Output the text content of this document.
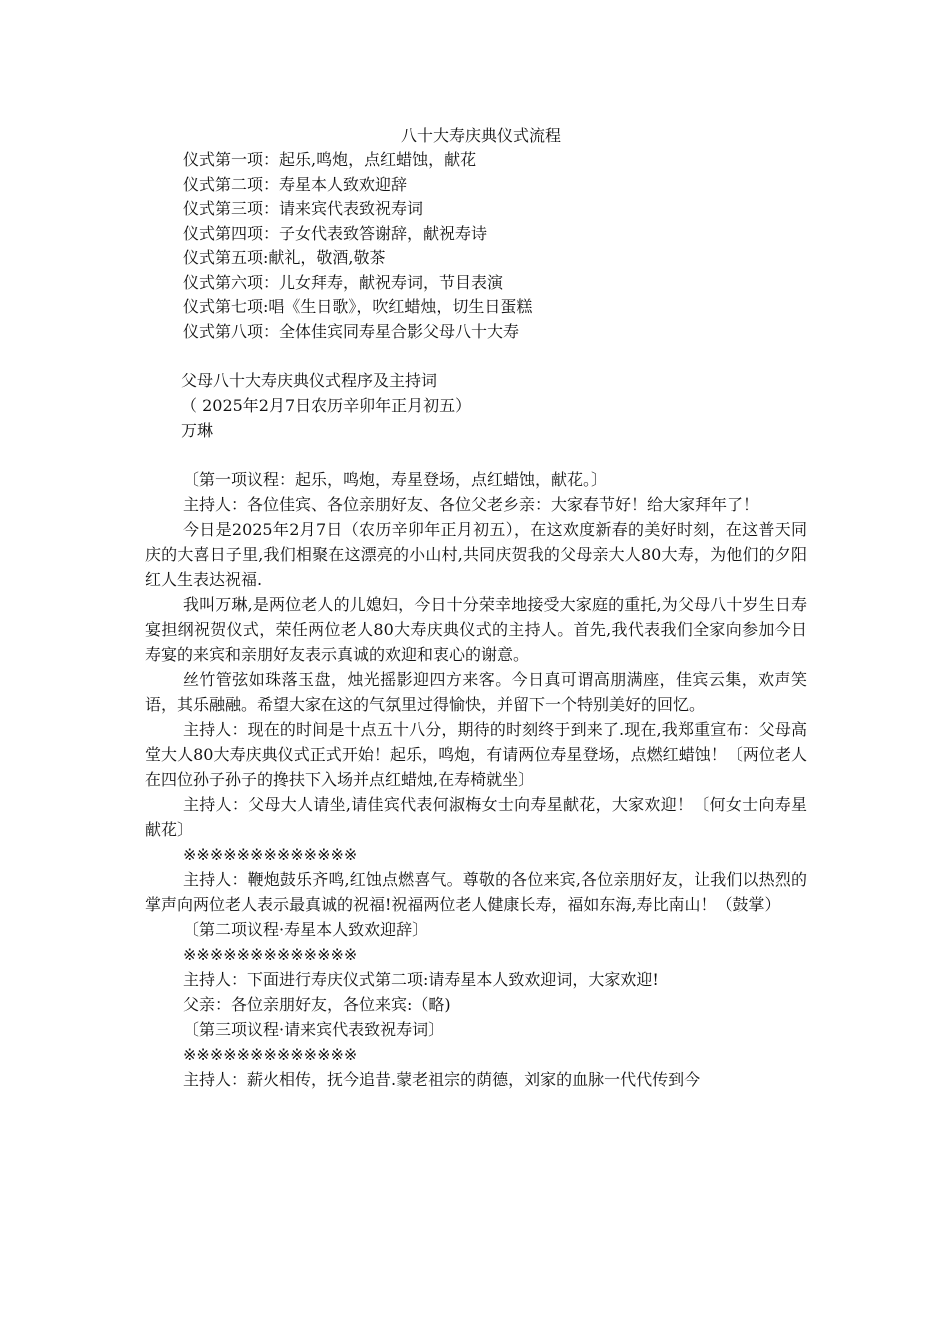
八十大寿庆典仪式流程
仪式第一项：起乐,鸣炮，点红蜡蚀，献花
仪式第二项：寿星本人致欢迎辞
仪式第三项：请来宾代表致祝寿词
仪式第四项：子女代表致答谢辞，献祝寿诗
仪式第五项:献礼，敬酒,敬茶
仪式第六项：儿女拜寿，献祝寿词，节目表演
仪式第七项:唱《生日歌》，吹红蜡烛，切生日蛋糕
仪式第八项：全体佳宾同寿星合影父母八十大寿
父母八十大寿庆典仪式程序及主持词
（ 2025年2月7日农历辛卯年正月初五）
万琳
〔第一项议程：起乐，鸣炮，寿星登场，点红蜡蚀，献花。〕
主持人：各位佳宾、各位亲朋好友、各位父老乡亲：大家春节好！给大家拜年了！
今日是2025年2月7日（农历辛卯年正月初五），在这欢度新春的美好时刻，在这普天同庆的大喜日子里,我们相聚在这漂亮的小山村,共同庆贺我的父母亲大人80大寿，为他们的夕阳红人生表达祝福.
我叫万琳,是两位老人的儿媳妇，今日十分荣幸地接受大家庭的重托,为父母八十岁生日寿宴担纲祝贺仪式，荣任两位老人80大寿庆典仪式的主持人。首先,我代表我们全家向参加今日寿宴的来宾和亲朋好友表示真诚的欢迎和衷心的谢意。
丝竹管弦如珠落玉盘，烛光摇影迎四方来客。今日真可谓高朋满座，佳宾云集，欢声笑语，其乐融融。希望大家在这的气氛里过得愉快，并留下一个特别美好的回忆。
主持人：现在的时间是十点五十八分，期待的时刻终于到来了.现在,我郑重宣布：父母高堂大人80大寿庆典仪式正式开始！起乐，鸣炮，有请两位寿星登场，点燃红蜡蚀！〔两位老人在四位孙子孙子的搀扶下入场并点红蜡烛,在寿椅就坐〕
主持人：父母大人请坐,请佳宾代表何淑梅女士向寿星献花，大家欢迎！〔何女士向寿星献花〕
※※※※※※※※※※※※※
主持人：鞭炮鼓乐齐鸣,红蚀点燃喜气。尊敬的各位来宾,各位亲朋好友，让我们以热烈的掌声向两位老人表示最真诚的祝福!祝福两位老人健康长寿，福如东海,寿比南山！（鼓掌）
〔第二项议程·寿星本人致欢迎辞〕
※※※※※※※※※※※※※
主持人：下面进行寿庆仪式第二项:请寿星本人致欢迎词，大家欢迎!
父亲：各位亲朋好友，各位来宾:（略)
〔第三项议程·请来宾代表致祝寿词〕
※※※※※※※※※※※※※
主持人：薪火相传，抚今追昔.蒙老祖宗的荫德，刘家的血脉一代代传到今
